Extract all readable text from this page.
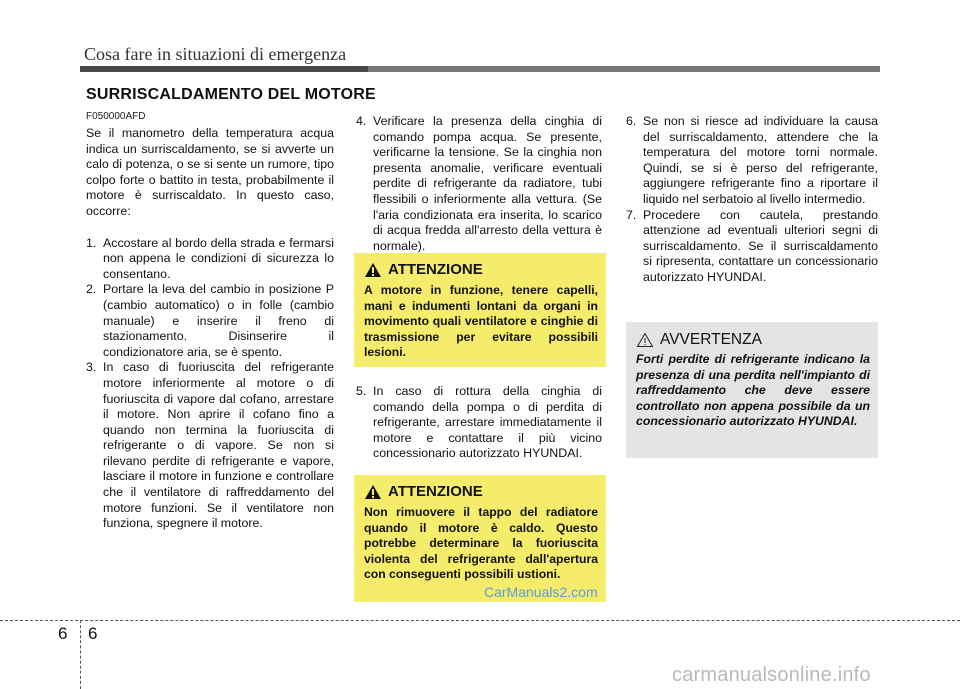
Cosa fare in situazioni di emergenza
SURRISCALDAMENTO DEL MOTORE
F050000AFD

Se il manometro della temperatura acqua indica un surriscaldamento, se si avverte un calo di potenza, o se si sente un rumore, tipo colpo forte o battito in testa, probabilmente il motore è surriscaldato. In questo caso, occorre:

1. Accostare al bordo della strada e fermarsi non appena le condizioni di sicurezza lo consentano.
2. Portare la leva del cambio in posizione P (cambio automatico) o in folle (cambio manuale) e inserire il freno di stazionamento. Disinserire il condizionatore aria, se è spento.
3. In caso di fuoriuscita del refrigerante motore inferiormente al motore o di fuoriuscita di vapore dal cofano, arrestare il motore. Non aprire il cofano fino a quando non termina la fuoriuscita di refrigerante o di vapore. Se non si rilevano perdite di refrigerante e vapore, lasciare il motore in funzione e controllare che il ventilatore di raffreddamento del motore funzioni. Se il ventilatore non funziona, spegnere il motore.
4. Verificare la presenza della cinghia di comando pompa acqua. Se presente, verificarne la tensione. Se la cinghia non presenta anomalie, verificare eventuali perdite di refrigerante da radiatore, tubi flessibili o inferiormente alla vettura. (Se l'aria condizionata era inserita, lo scarico di acqua fredda all'arresto della vettura è normale).
ATTENZIONE
A motore in funzione, tenere capelli, mani e indumenti lontani da organi in movimento quali ventilatore e cinghie di trasmissione per evitare possibili lesioni.
5. In caso di rottura della cinghia di comando della pompa o di perdita di refrigerante, arrestare immediatamente il motore e contattare il più vicino concessionario autorizzato HYUNDAI.
ATTENZIONE
Non rimuovere il tappo del radiatore quando il motore è caldo. Questo potrebbe determinare la fuoriuscita violenta del refrigerante dall'apertura con conseguenti possibili ustioni.
6. Se non si riesce ad individuare la causa del surriscaldamento, attendere che la temperatura del motore torni normale. Quindi, se si è perso del refrigerante, aggiungere refrigerante fino a riportare il liquido nel serbatoio al livello intermedio.
7. Procedere con cautela, prestando attenzione ad eventuali ulteriori segni di surriscaldamento. Se il surriscaldamento si ripresenta, contattare un concessionario autorizzato HYUNDAI.
AVVERTENZA
Forti perdite di refrigerante indicano la presenza di una perdita nell'impianto di raffreddamento che deve essere controllato non appena possibile da un concessionario autorizzato HYUNDAI.
CarManuals2.com
6 6
carmanualsonline.info
